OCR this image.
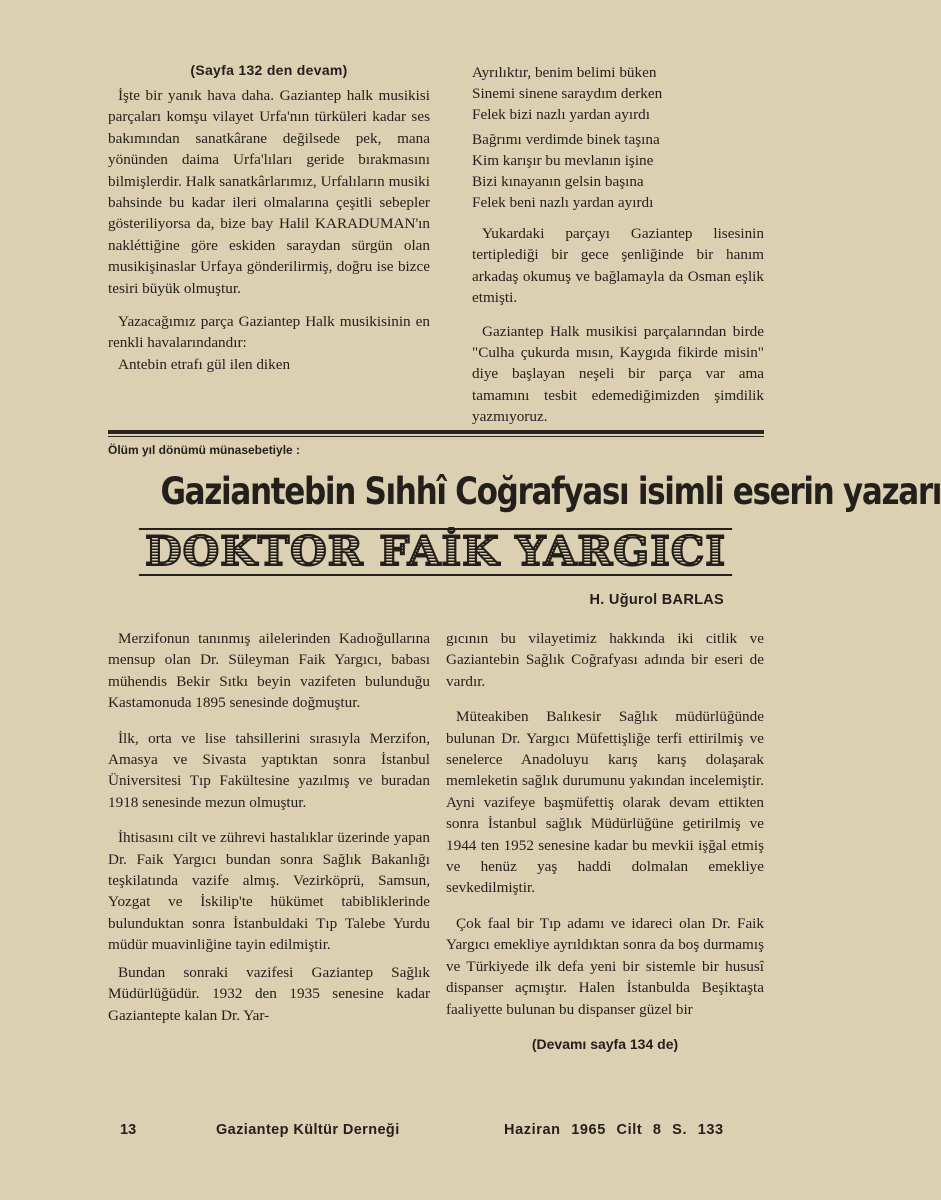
(Sayfa 132 den devam)

İşte bir yanık hava daha. Gaziantep halk musikisi parçaları komşu vilayet Urfa'nın türküleri kadar ses bakımından sanatkârane değilsede pek, mana yönünden daima Urfa'lıları geride bırakmasını bilmişlerdir. Halk sanatkârlarımız, Urfalıların musiki bahsinde bu kadar ileri olmalarına çeşitli sebepler gösteriliyorsa da, bize bay Halil KARADUMAN'ın nakléttiğine göre eskiden saraydan sürgün olan musikişinaslar Urfaya gönderilirmiş, doğru ise bizce tesiri büyük olmuştur.

Yazacağımız parça Gaziantep Halk musikisinin en renkli havalarındandır:

Antebin etrafı gül ilen diken

Ayrılıktır, benim belimi büken
Sinemi sinene saraydım derken
Felek bizi nazlı yardan ayırdı
Bağrımı verdimde binek taşına
Kim karışır bu mevlanın işine
Bizi kınayanın gelsin başına
Felek beni nazlı yardan ayırdı

Yukardaki parçayı Gaziantep lisesinin tertiplediği bir gece şenliğinde bir hanım arkadaş okumuş ve bağlamayla da Osman eşlik etmişti.

Gaziantep Halk musikisi parçalarından birde "Culha çukurda mısın, Kaygıda fikirde misin" diye başlayan neşeli bir parça var ama tamamını tesbit edemediğimizden şimdilik yazmıyoruz.

Ölüm yıl dönümü münasebetiyle :
Gaziantebin Sıhhî Coğrafyası isimli eserin yazarı
DOKTOR FAİK YARGICI
H. Uğurol BARLAS

Merzifonun tanınmış ailelerinden Kadıoğullarına mensup olan Dr. Süleyman Faik Yargıcı, babası mühendis Bekir Sıtkı beyin vazifeten bulunduğu Kastamonuda 1895 senesinde doğmuştur.

İlk, orta ve lise tahsillerini sırasıyla Merzifon, Amasya ve Sivasta yaptıktan sonra İstanbul Üniversitesi Tıp Fakültesine yazılmış ve buradan 1918 senesinde mezun olmuştur.

İhtisasını cilt ve zührevi hastalıklar üzerinde yapan Dr. Faik Yargıcı bundan sonra Sağlık Bakanlığı teşkilatında vazife almış. Vezirköprü, Samsun, Yozgat ve İskilip'te hükümet tabibliklerinde bulunduktan sonra İstanbuldaki Tıp Talebe Yurdu müdür muavinliğine tayin edilmiştir.

Bundan sonraki vazifesi Gaziantep Sağlık Müdürlüğüdür. 1932 den 1935 senesine kadar Gaziantepte kalan Dr. Yar-

gıcının bu vilayetimiz hakkında iki citlik ve Gaziantebin Sağlık Coğrafyası adında bir eseri de vardır.

Müteakiben Balıkesir Sağlık müdürlüğünde bulunan Dr. Yargıcı Müfettişliğe terfi ettirilmiş ve senelerce Anadoluyu karış karış dolaşarak memleketin sağlık durumunu yakından incelemiştir. Ayni vazifeye başmüfettiş olarak devam ettikten sonra İstanbul sağlık Müdürlüğüne getirilmiş ve 1944 ten 1952 senesine kadar bu mevkii işğal etmiş ve henüz yaş haddi dolmalan emekliye sevkedilmiştir.

Çok faal bir Tıp adamı ve idareci olan Dr. Faik Yargıcı emekliye ayrıldıktan sonra da boş durmamış ve Türkiyede ilk defa yeni bir sistemle bir hususî dispanser açmıştır. Halen İstanbulda Beşiktaşta faaliyette bulunan bu dispanser güzel bir

(Devamı sayfa 134 de)
13	Gaziantep Kültür Derneği	Haziran 1965 Cilt 8 S. 133
